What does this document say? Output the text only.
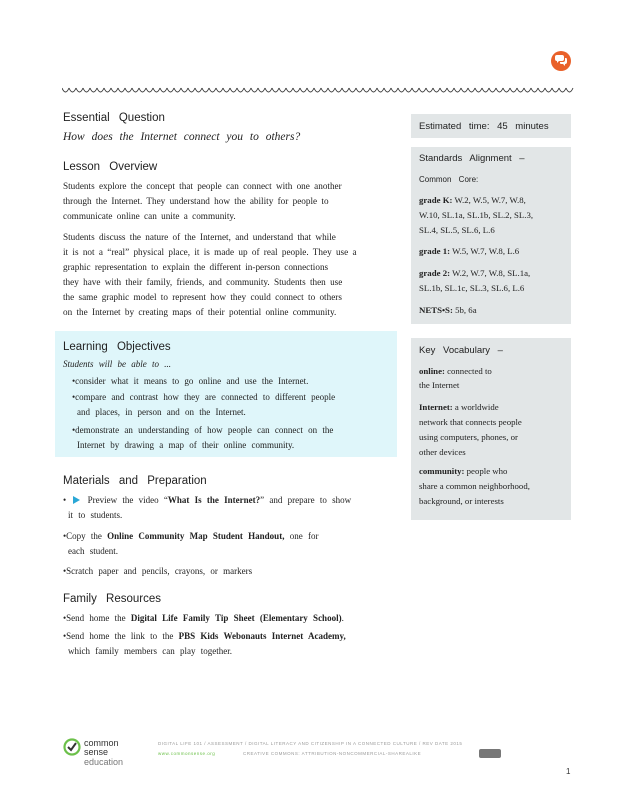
Essential Question
How does the Internet connect you to others?
Lesson Overview
Students explore the concept that people can connect with one another
through the Internet. They understand how the ability for people to
communicate online can unite a community.
Students discuss the nature of the Internet, and understand that while
it is not a “real” physical place, it is made up of real people. They use a
graphic representation to explain the different in-person connections
they have with their family, friends, and community. Students then use
the same graphic model to represent how they could connect to others
on the Internet by creating maps of their potential online community.
Learning Objectives
Students will be able to ...
•consider what it means to go online and use the Internet.
•compare and contrast how they are connected to different people
and places, in person and on the Internet.
•demonstrate an understanding of how people can connect on the
Internet by drawing a map of their online community.
Materials and Preparation
•  Preview the video “What Is the Internet?” and prepare to show
it to students.
•Copy the Online Community Map Student Handout, one for
each student.
•Scratch paper and pencils, crayons, or markers
Family Resources
•Send home the Digital Life Family Tip Sheet (Elementary School).
•Send home the link to the PBS Kids Webonauts Internet Academy,
which family members can play together.
Estimated time: 45 minutes
Standards Alignment –
Common Core:
grade K: W.2, W.5, W.7, W.8,
W.10, SL.1a, SL.1b, SL.2, SL.3,
SL.4, SL.5, SL.6, L.6
grade 1: W.5, W.7, W.8, L.6
grade 2: W.2, W.7, W.8, SL.1a,
SL.1b, SL.1c, SL.3, SL.6, L.6
NETS•S: 5b, 6a
Key Vocabulary –
online: connected to
the Internet
Internet: a worldwide
network that connects people
using computers, phones, or
other devices
community: people who
share a common neighborhood,
background, or interests
common
sense
education
DIGITAL LIFE 101 / ASSESSMENT / DIGITAL LITERACY AND CITIZENSHIP IN A CONNECTED CULTURE / REV DATE 2015
www.commonsense.org	CREATIVE COMMONS: ATTRIBUTION-NONCOMMERCIAL-SHAREALIKE
1
